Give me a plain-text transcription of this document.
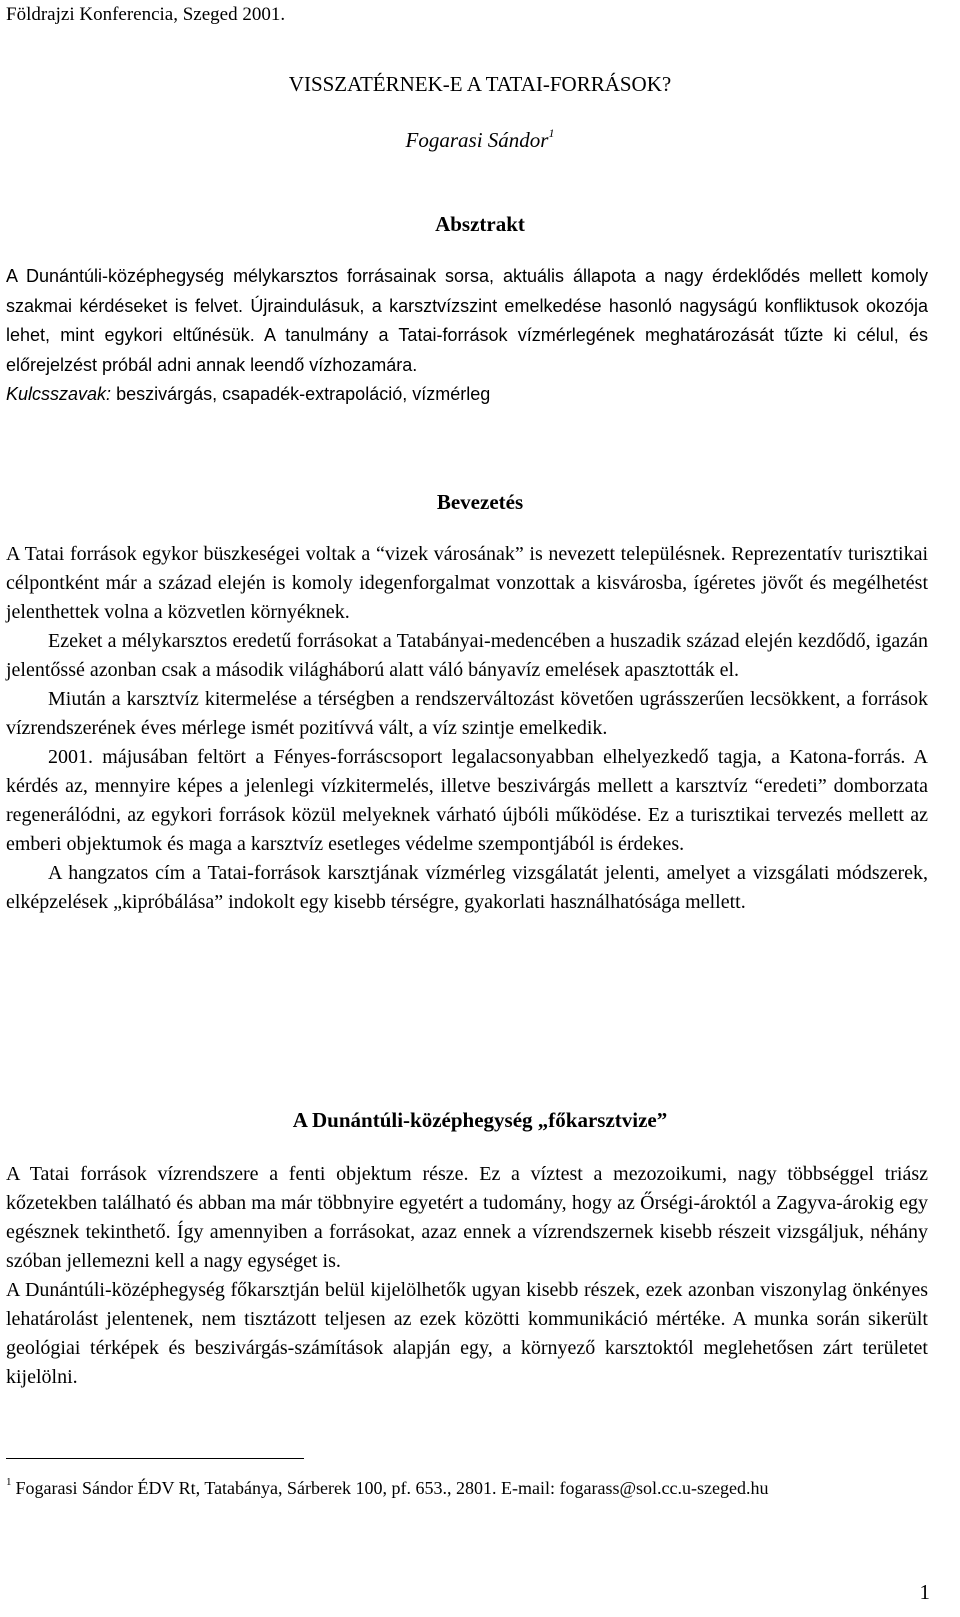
Földrajzi Konferencia, Szeged 2001.
VISSZATÉRNEK-E A TATAI-FORRÁSOK?
Fogarasi Sándor$^1$
Absztrakt

A Dunántúli-középhegység mélykarsztos forrásainak sorsa, aktuális állapota a nagy érdeklődés mellett komoly szakmai kérdéseket is felvet. Újraindulásuk, a karsztvízszint emelkedése hasonló nagyságú konfliktusok okozója lehet, mint egykori eltűnésük. A tanulmány a Tatai-források vízmérlegének meghatározását tűzte ki célul, és előrejelzést próbál adni annak leendő vízhozamára.

Kulcsszavak: beszivárgás, csapadék-extrapoláció, vízmérleg

Bevezetés

A Tatai források egykor büszkeségei voltak a “vizek városának” is nevezett településnek. Reprezentatív turisztikai célpontként már a század elején is komoly idegenforgalmat vonzottak a kisvárosba, ígéretes jövőt és megélhetést jelenthettek volna a közvetlen környéknek.

Ezeket a mélykarsztos eredetű forrásokat a Tatabányai-medencében a huszadik század elején kezdődő, igazán jelentőssé azonban csak a második világháború alatt váló bányavíz emelések apasztották el.

Miután a karsztvíz kitermelése a térségben a rendszerváltozást követően ugrásszerűen lecsökkent, a források vízrendszerének éves mérlege ismét pozitívvá vált, a víz szintje emelkedik.

2001. májusában feltört a Fényes-forráscsoport legalacsonyabban elhelyezkedő tagja, a Katona-forrás. A kérdés az, mennyire képes a jelenlegi vízkitermelés, illetve beszivárgás mellett a karsztvíz “eredeti” domborzata regenerálódni, az egykori források közül melyeknek várható újbóli működése. Ez a turisztikai tervezés mellett az emberi objektumok és maga a karsztvíz esetleges védelme szempontjából is érdekes.

A hangzatos cím a Tatai-források karsztjának vízmérleg vizsgálatát jelenti, amelyet a vizsgálati módszerek, elképzelések „kipróbálása” indokolt egy kisebb térségre, gyakorlati használhatósága mellett.

A Dunántúli-középhegység „főkarsztvize”

A Tatai források vízrendszere a fenti objektum része. Ez a víztest a mezozoikumi, nagy többséggel triász kőzetekben található és abban ma már többnyire egyetért a tudomány, hogy az Őrségi-ároktól a Zagyva-árokig egy egésznek tekinthető. Így amennyiben a forrásokat, azaz ennek a vízrendszernek kisebb részeit vizsgáljuk, néhány szóban jellemezni kell a nagy egységet is.

A Dunántúli-középhegység főkarsztján belül kijelölhetők ugyan kisebb részek, ezek azonban viszonylag önkényes lehatárolást jelentenek, nem tisztázott teljesen az ezek közötti kommunikáció mértéke. A munka során sikerült geológiai térképek és beszivárgás-számítások alapján egy, a környező karsztoktól meglehetősen zárt területet kijelölni.

$^1$ Fogarasi Sándor ÉDV Rt, Tatabánya, Sárberek 100, pf. 653., 2801. E-mail: fogarass@sol.cc.u-szeged.hu
1
